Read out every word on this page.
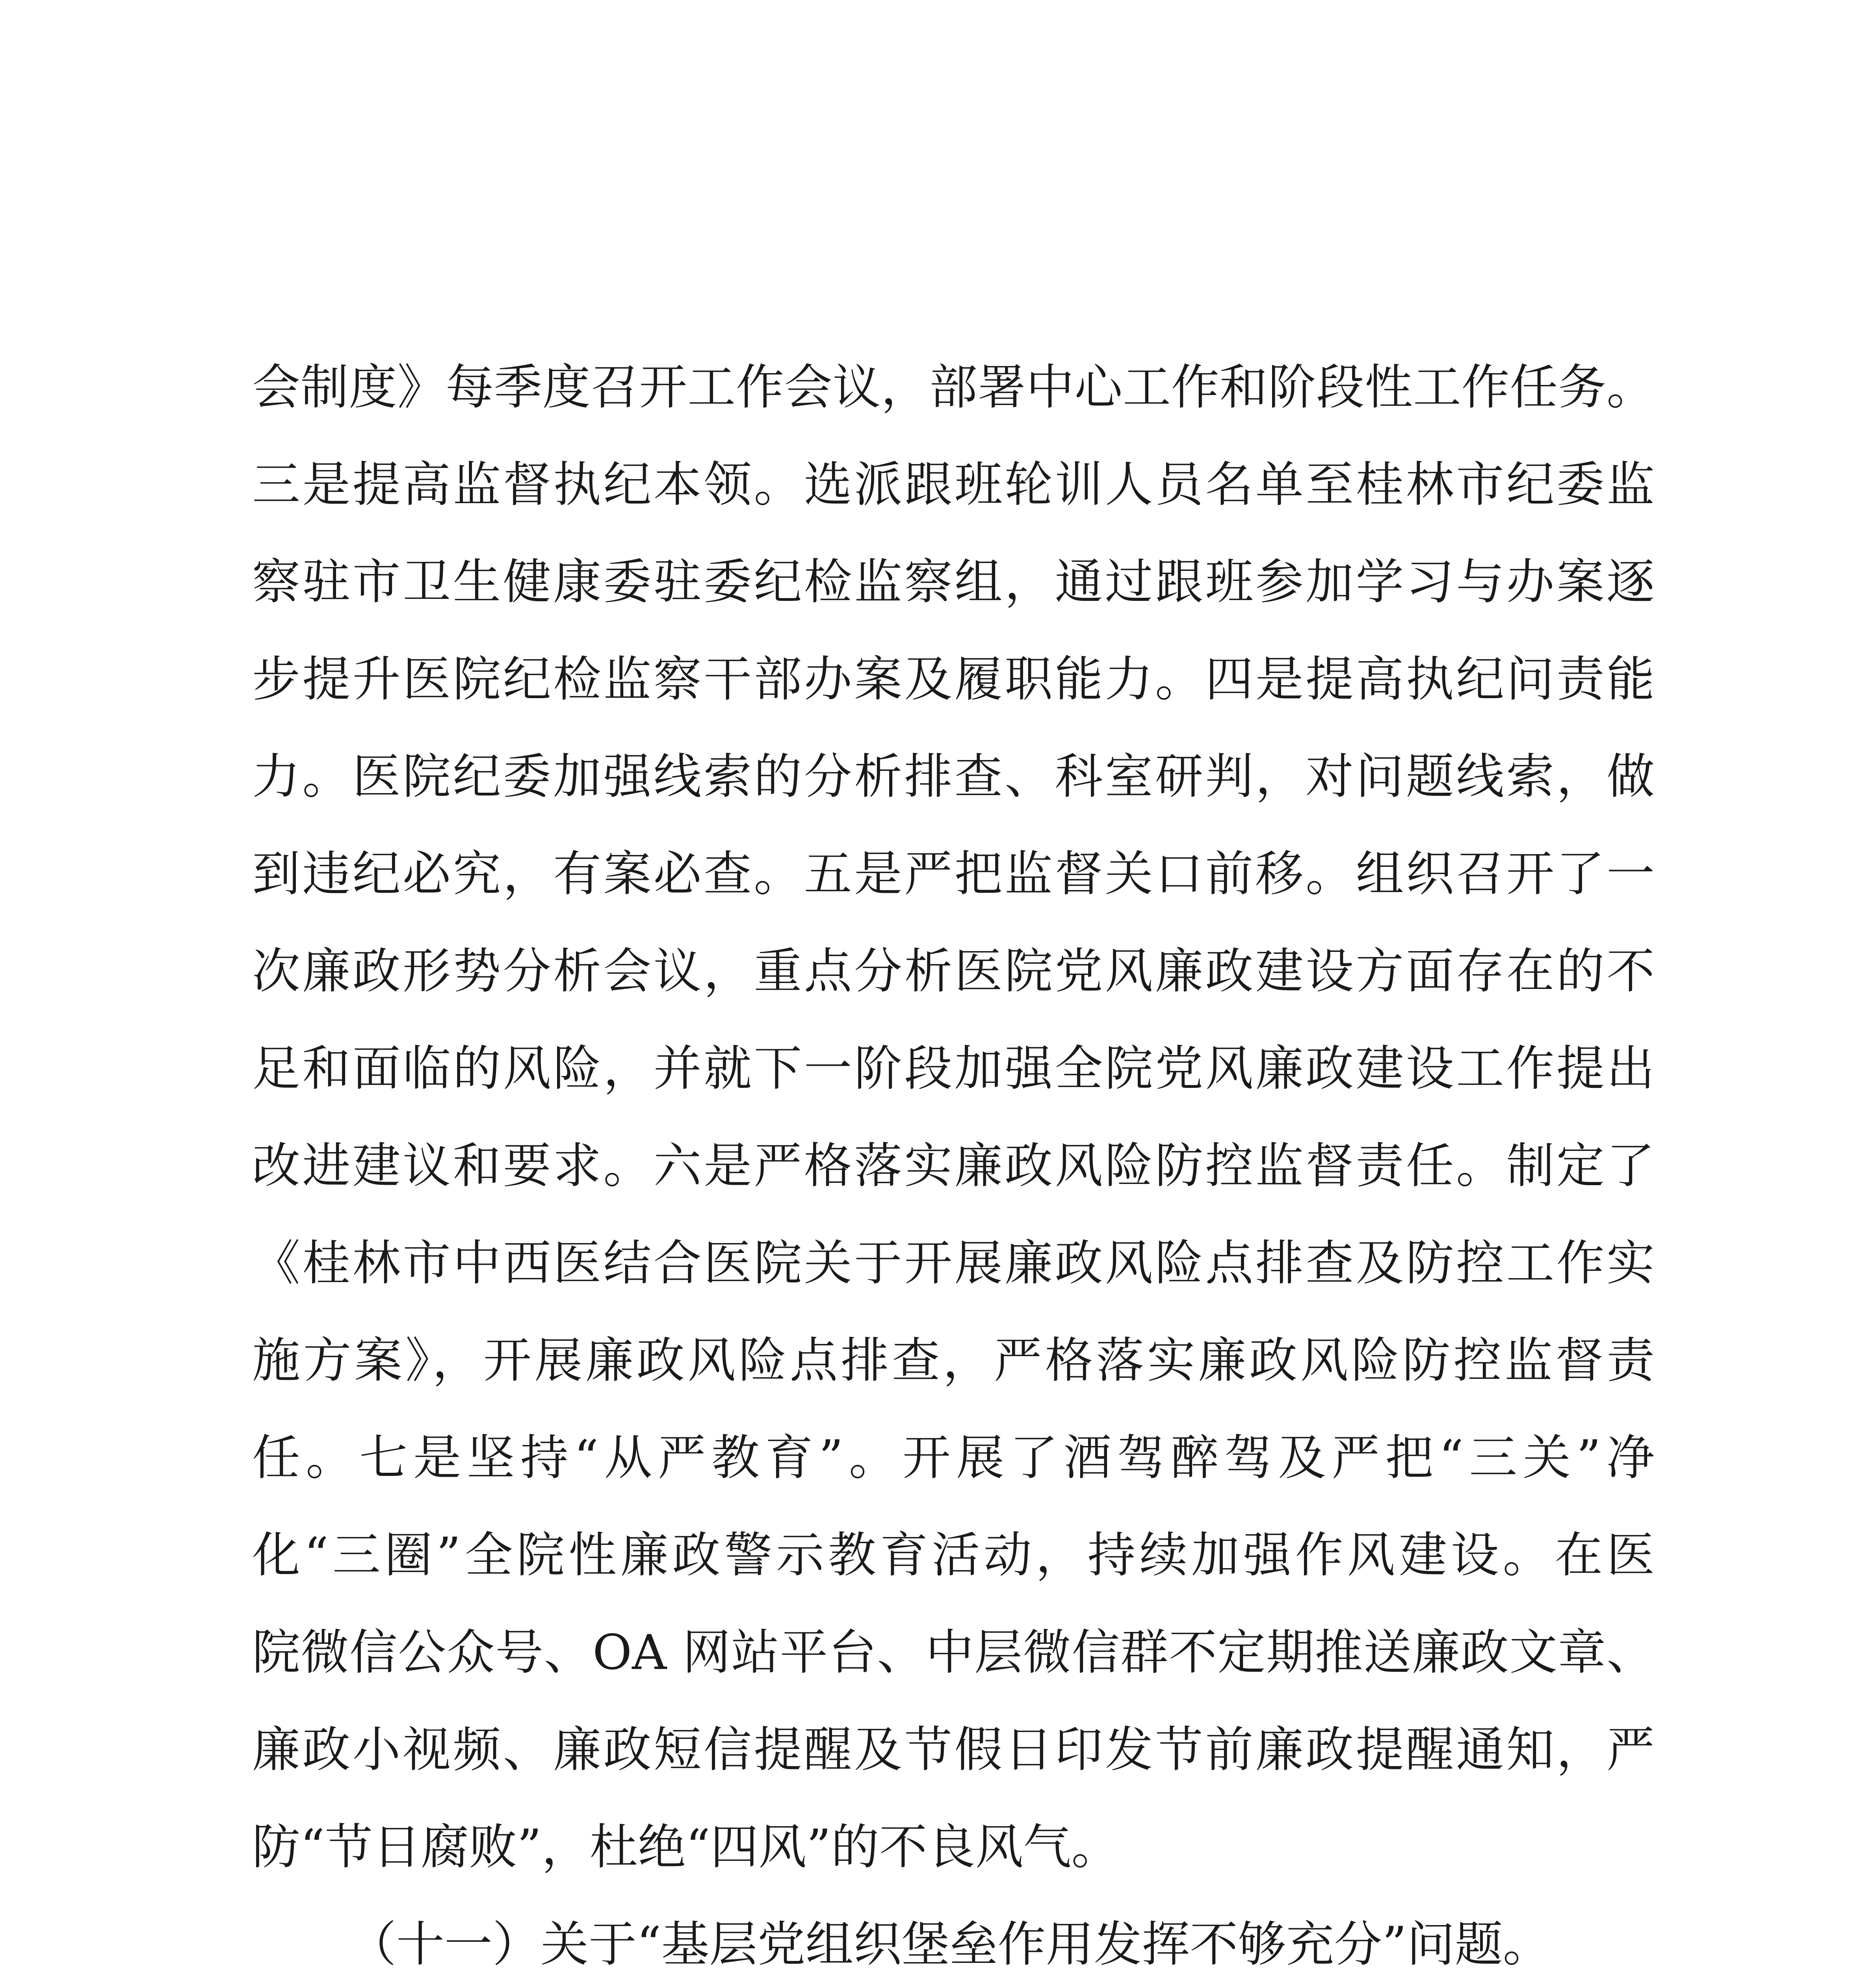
会制度》每季度召开工作会议，部署中心工作和阶段性工作任务。
三是提高监督执纪本领。选派跟班轮训人员名单至桂林市纪委监
察驻市卫生健康委驻委纪检监察组，通过跟班参加学习与办案逐
步提升医院纪检监察干部办案及履职能力。四是提高执纪问责能
力。医院纪委加强线索的分析排查、科室研判，对问题线索，做
到违纪必究，有案必查。五是严把监督关口前移。组织召开了一
次廉政形势分析会议，重点分析医院党风廉政建设方面存在的不
足和面临的风险，并就下一阶段加强全院党风廉政建设工作提出
改进建议和要求。六是严格落实廉政风险防控监督责任。制定了
《桂林市中西医结合医院关于开展廉政风险点排查及防控工作实
施方案》，开展廉政风险点排查，严格落实廉政风险防控监督责
任。七是坚持“从严教育”。开展了酒驾醉驾及严把“三关”净
化“三圈”全院性廉政警示教育活动，持续加强作风建设。在医
院微信公众号、OA 网站平台、中层微信群不定期推送廉政文章、
廉政小视频、廉政短信提醒及节假日印发节前廉政提醒通知，严
防“节日腐败”，杜绝“四风”的不良风气。
（十一）关于“基层党组织堡垒作用发挥不够充分”问题。
